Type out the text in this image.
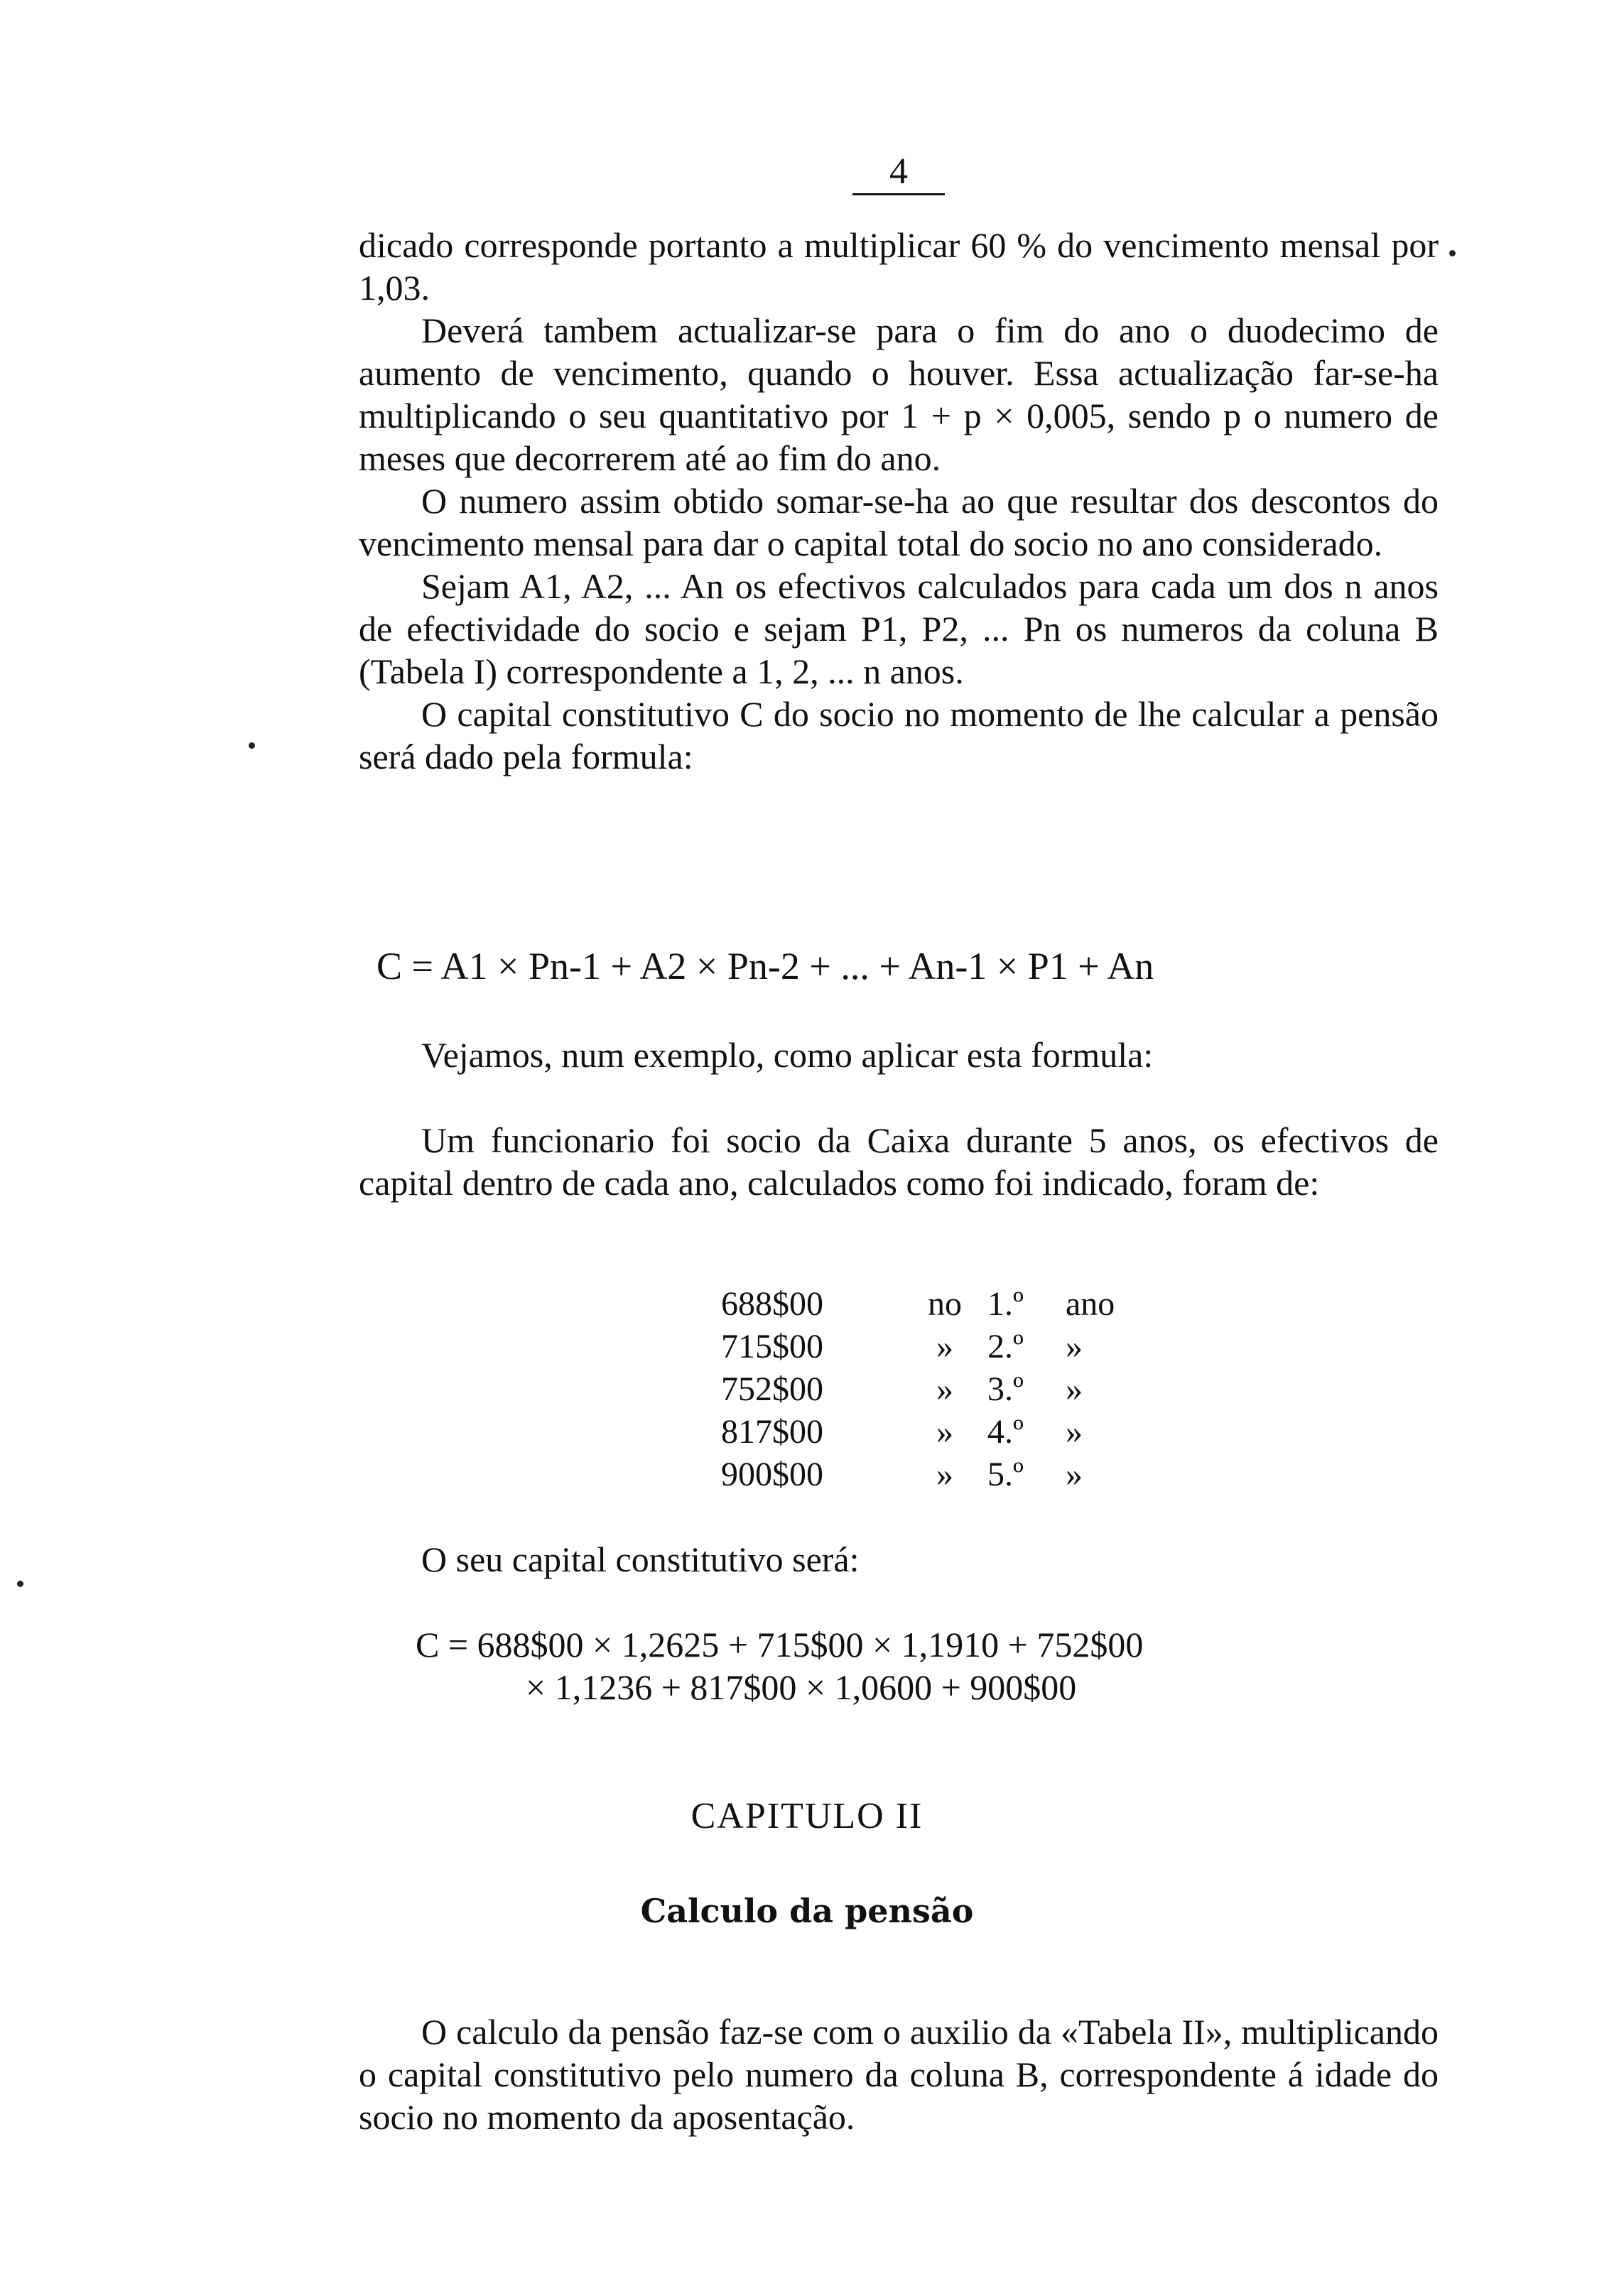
4

dicado corresponde portanto a multiplicar 60 % do vencimento mensal por 1,03.

Deverá tambem actualizar-se para o fim do ano o duodecimo de aumento de vencimento, quando o houver. Essa actualização far-se-ha multiplicando o seu quantitativo por 1 + p × 0,005, sendo p o numero de meses que decorrerem até ao fim do ano.

O numero assim obtido somar-se-ha ao que resultar dos descontos do vencimento mensal para dar o capital total do socio no ano considerado.

Sejam A1, A2, ... An os efectivos calculados para cada um dos n anos de efectividade do socio e sejam P1, P2, ... Pn os numeros da coluna B (Tabela I) correspondente a 1, 2, ... n anos.

O capital constitutivo C do socio no momento de lhe calcular a pensão será dado pela formula:

C = A1 × Pn-1 + A2 × Pn-2 + ... + An-1 × P1 + An

Vejamos, num exemplo, como aplicar esta formula:

Um funcionario foi socio da Caixa durante 5 anos, os efectivos de capital dentro de cada ano, calculados como foi indicado, foram de:

688$00	no	1.º	ano
715$00	»	2.º	»
752$00	»	3.º	»
817$00	»	4.º	»
900$00	»	5.º	»

O seu capital constitutivo será:

C = 688$00 × 1,2625 + 715$00 × 1,1910 + 752$00
× 1,1236 + 817$00 × 1,0600 + 900$00
CAPITULO II
Calculo da pensão

O calculo da pensão faz-se com o auxilio da «Tabela II», multiplicando o capital constitutivo pelo numero da coluna B, correspondente á idade do socio no momento da aposentação.
